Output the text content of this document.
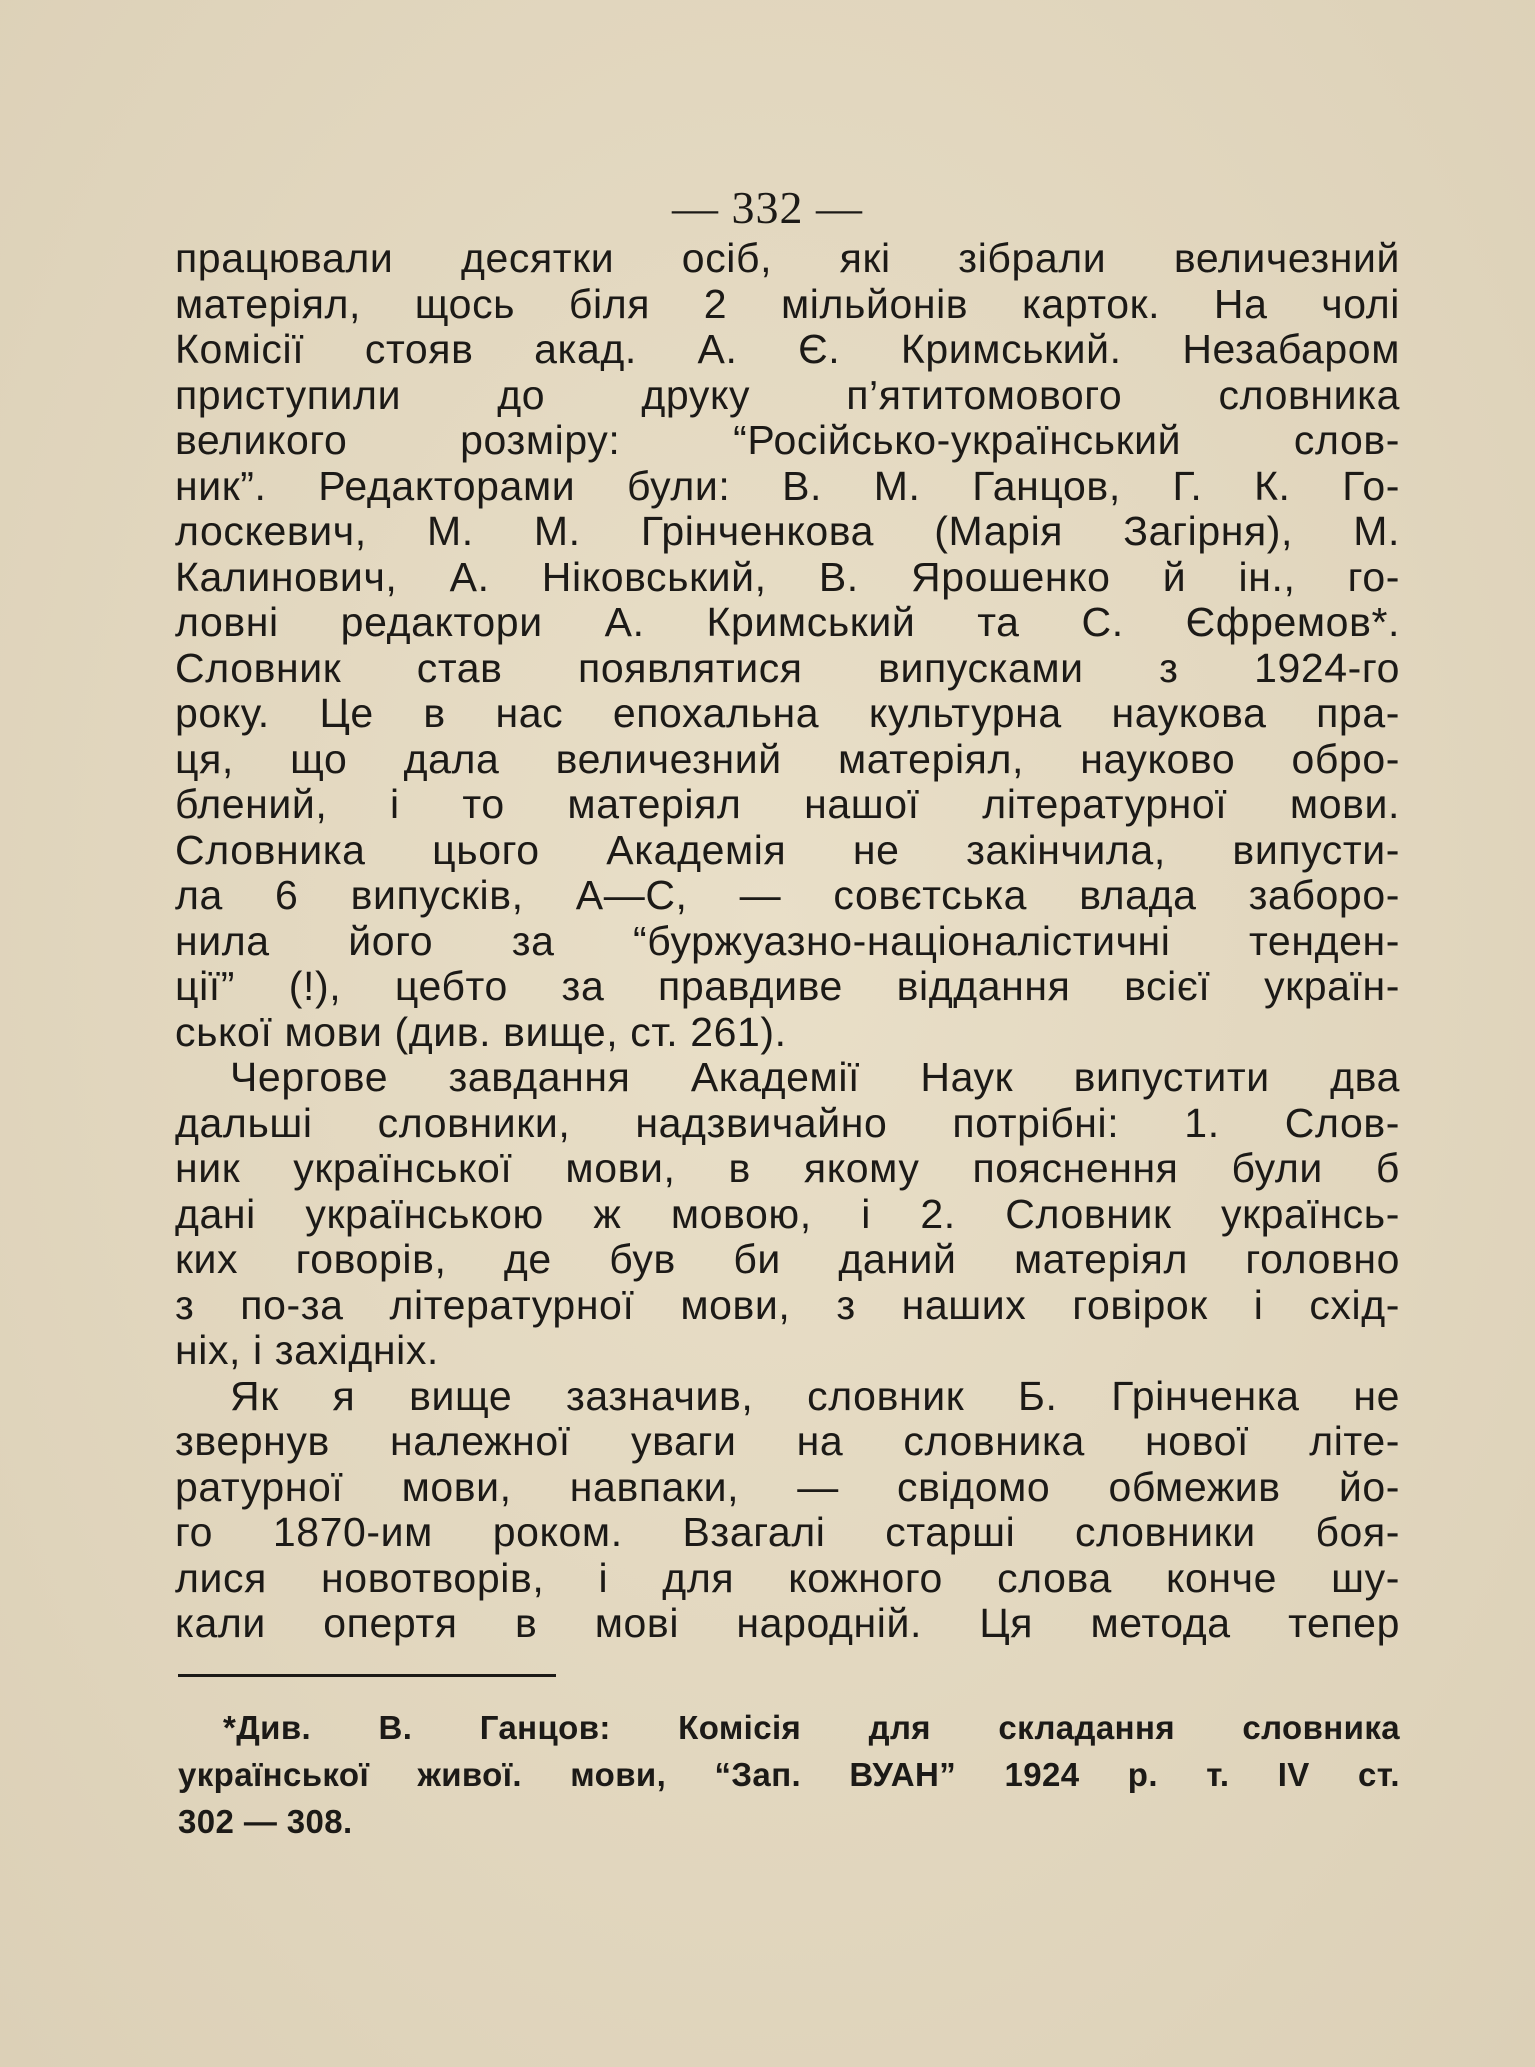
— 332 —
працювали десятки осіб, які зібрали величезний
матеріял, щось біля 2 мільйонів карток. На чолі
Комісії стояв акад. А. Є. Кримський. Незабаром
приступили до друку п’ятитомового словника
великого розміру: “Російсько-український слов-
ник”. Редакторами були: В. М. Ганцов, Г. К. Го-
лоскевич, М. М. Грінченкова (Марія Загірня), М.
Калинович, А. Ніковський, В. Ярошенко й ін., го-
ловні редактори А. Кримський та С. Єфремов*.
Словник став появлятися випусками з 1924-го
року. Це в нас епохальна культурна наукова пра-
ця, що дала величезний матеріял, науково обро-
блений, і то матеріял нашої літературної мови.
Словника цього Академія не закінчила, випусти-
ла 6 випусків, А—С, — совєтська влада заборо-
нила його за “буржуазно-націоналістичні тенден-
ції” (!), цебто за правдиве віддання всієї україн-
ської мови (див. вище, ст. 261).
Чергове завдання Академії Наук випустити два
дальші словники, надзвичайно потрібні: 1. Слов-
ник української мови, в якому пояснення були б
дані українською ж мовою, і 2. Словник українсь-
ких говорів, де був би даний матеріял головно
з по-за літературної мови, з наших говірок і схід-
ніх, і західніх.
Як я вище зазначив, словник Б. Грінченка не
звернув належної уваги на словника нової літе-
ратурної мови, навпаки, — свідомо обмежив йо-
го 1870-им роком. Взагалі старші словники боя-
лися новотворів, і для кожного слова конче шу-
кали опертя в мові народній. Ця метода тепер
*Див. В. Ганцов: Комісія для складання словника
української живої. мови, “Зап. ВУАН” 1924 р. т. IV ст.
302 — 308.
